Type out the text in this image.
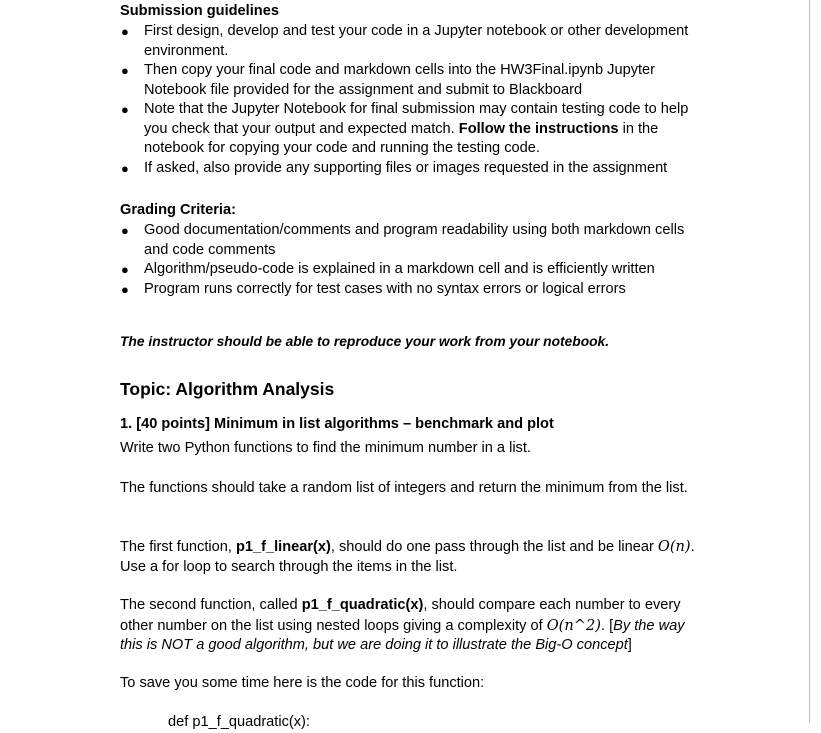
Submission guidelines

● First design, develop and test your code in a Jupyter notebook or other development environment.
● Then copy your final code and markdown cells into the HW3Final.ipynb Jupyter Notebook file provided for the assignment and submit to Blackboard
● Note that the Jupyter Notebook for final submission may contain testing code to help you check that your output and expected match. Follow the instructions in the notebook for copying your code and running the testing code.
● If asked, also provide any supporting files or images requested in the assignment

Grading Criteria:

● Good documentation/comments and program readability using both markdown cells and code comments
● Algorithm/pseudo-code is explained in a markdown cell and is efficiently written
● Program runs correctly for test cases with no syntax errors or logical errors

The instructor should be able to reproduce your work from your notebook.

Topic: Algorithm Analysis

1. [40 points] Minimum in list algorithms – benchmark and plot

Write two Python functions to find the minimum number in a list.

The functions should take a random list of integers and return the minimum from the list.

The first function, p1_f_linear(x), should do one pass through the list and be linear O(n). Use a for loop to search through the items in the list.

The second function, called p1_f_quadratic(x), should compare each number to every other number on the list using nested loops giving a complexity of O(n^2). [By the way this is NOT a good algorithm, but we are doing it to illustrate the Big-O concept]

To save you some time here is the code for this function:

def p1_f_quadratic(x):
